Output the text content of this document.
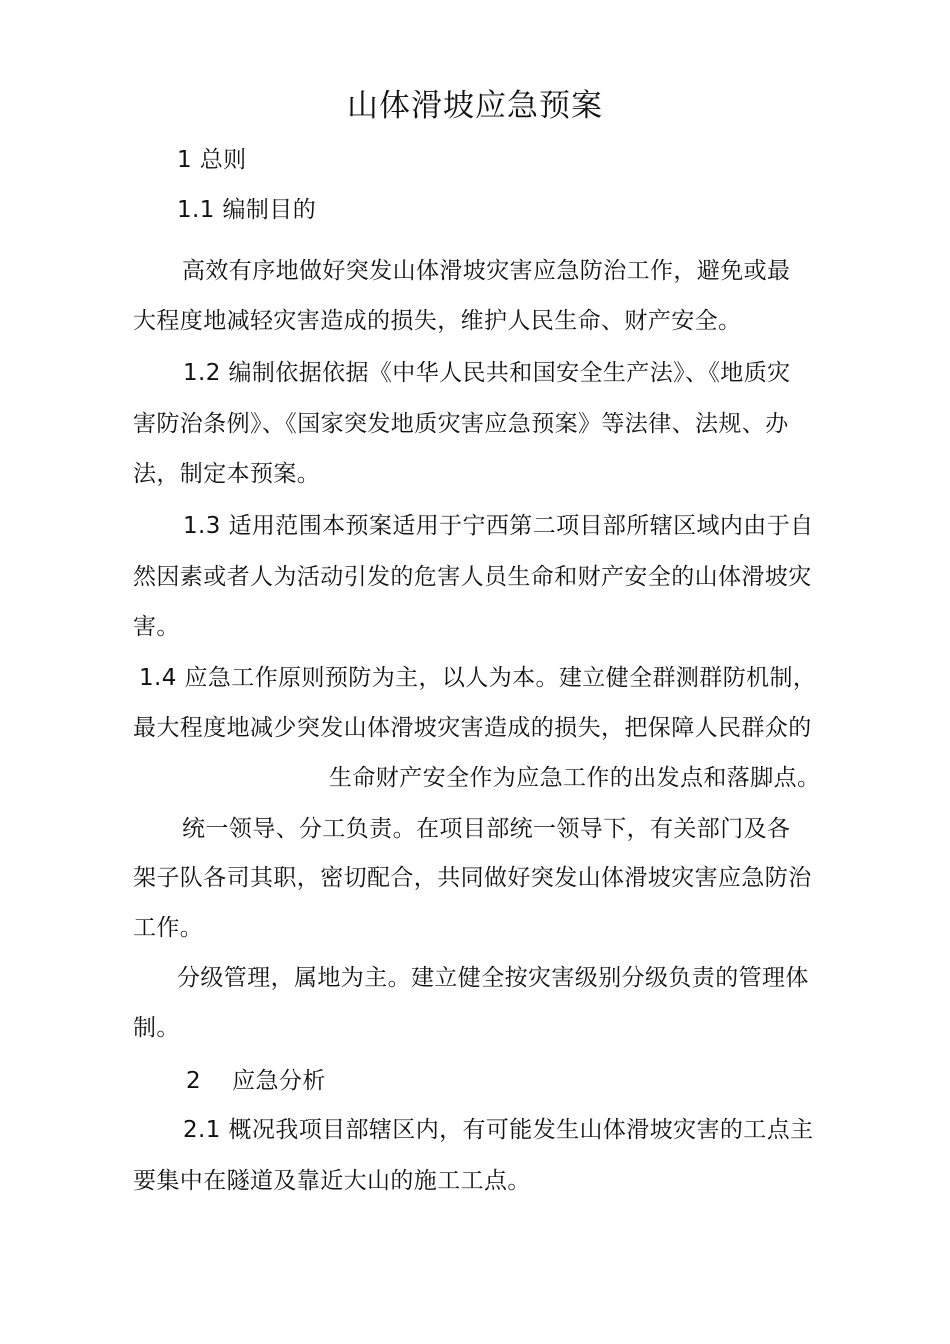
山体滑坡应急预案
1 总则
1.1 编制目的
高效有序地做好突发山体滑坡灾害应急防治工作，避免或最
大程度地减轻灾害造成的损失，维护人民生命、财产安全。
1.2 编制依据依据《中华人民共和国安全生产法》、《地质灾
害防治条例》、《国家突发地质灾害应急预案》等法律、法规、办
法，制定本预案。
1.3 适用范围本预案适用于宁西第二项目部所辖区域内由于自
然因素或者人为活动引发的危害人员生命和财产安全的山体滑坡灾
害。
1.4 应急工作原则预防为主，以人为本。建立健全群测群防机制，
最大程度地减少突发山体滑坡灾害造成的损失，把保障人民群众的
生命财产安全作为应急工作的出发点和落脚点。
统一领导、分工负责。在项目部统一领导下，有关部门及各
架子队各司其职，密切配合，共同做好突发山体滑坡灾害应急防治
工作。
分级管理，属地为主。建立健全按灾害级别分级负责的管理体
制。
2　 应急分析
2.1 概况我项目部辖区内，有可能发生山体滑坡灾害的工点主
要集中在隧道及靠近大山的施工工点。
